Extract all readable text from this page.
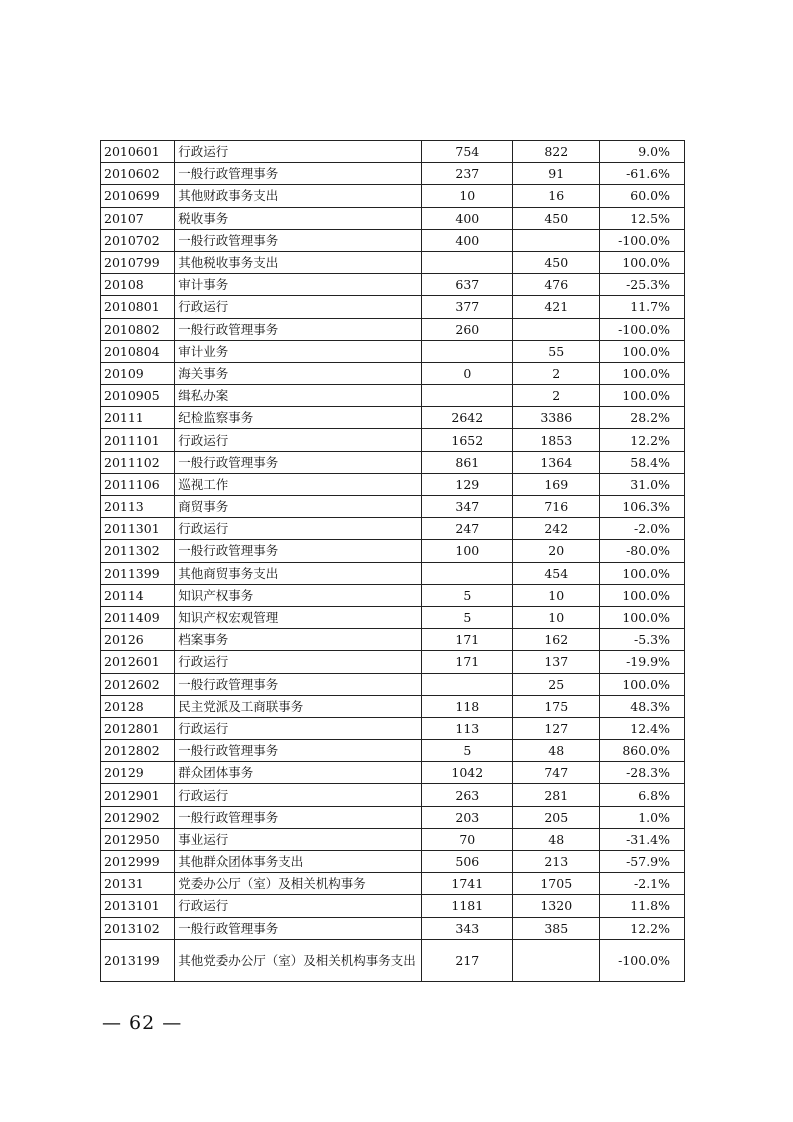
2010601	行政运行	754	822	9.0%
2010602	一般行政管理事务	237	91	-61.6%
2010699	其他财政事务支出	10	16	60.0%
20107	税收事务	400	450	12.5%
2010702	一般行政管理事务	400		-100.0%
2010799	其他税收事务支出		450	100.0%
20108	审计事务	637	476	-25.3%
2010801	行政运行	377	421	11.7%
2010802	一般行政管理事务	260		-100.0%
2010804	审计业务		55	100.0%
20109	海关事务	0	2	100.0%
2010905	缉私办案		2	100.0%
20111	纪检监察事务	2642	3386	28.2%
2011101	行政运行	1652	1853	12.2%
2011102	一般行政管理事务	861	1364	58.4%
2011106	巡视工作	129	169	31.0%
20113	商贸事务	347	716	106.3%
2011301	行政运行	247	242	-2.0%
2011302	一般行政管理事务	100	20	-80.0%
2011399	其他商贸事务支出		454	100.0%
20114	知识产权事务	5	10	100.0%
2011409	知识产权宏观管理	5	10	100.0%
20126	档案事务	171	162	-5.3%
2012601	行政运行	171	137	-19.9%
2012602	一般行政管理事务		25	100.0%
20128	民主党派及工商联事务	118	175	48.3%
2012801	行政运行	113	127	12.4%
2012802	一般行政管理事务	5	48	860.0%
20129	群众团体事务	1042	747	-28.3%
2012901	行政运行	263	281	6.8%
2012902	一般行政管理事务	203	205	1.0%
2012950	事业运行	70	48	-31.4%
2012999	其他群众团体事务支出	506	213	-57.9%
20131	党委办公厅（室）及相关机构事务	1741	1705	-2.1%
2013101	行政运行	1181	1320	11.8%
2013102	一般行政管理事务	343	385	12.2%
2013199	其他党委办公厅（室）及相关机构事务支出	217		-100.0%
— 62 —
